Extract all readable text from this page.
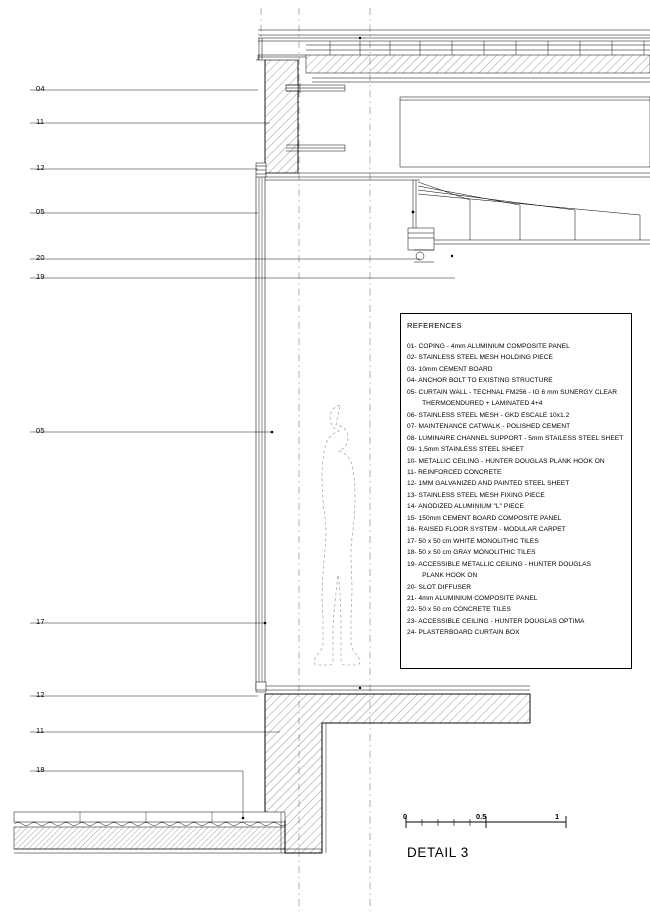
04
11
12
05
20
19
05
17
12
11
18
REFERENCES
01- COPING - 4mm ALUMINIUM COMPOSITE PANEL
02- STAINLESS STEEL MESH HOLDING PIECE
03- 10mm CEMENT BOARD
04- ANCHOR BOLT TO EXISTING STRUCTURE
05- CURTAIN WALL - TECHNAL FM256 - IG 6 mm SUNERGY CLEAR
THERMOENDURED + LAMINATED 4+4
06- STAINLESS STEEL MESH - GKD ESCALE 10x1.2
07- MAINTENANCE CATWALK - POLISHED CEMENT
08- LUMINAIRE CHANNEL SUPPORT - 5mm STAILESS STEEL SHEET
09- 1,5mm STAINLESS STEEL SHEET
10- METALLIC CEILING - HUNTER DOUGLAS PLANK HOOK ON
11- REINFORCED CONCRETE
12- 1MM GALVANIZED AND PAINTED STEEL SHEET
13- STAINLESS STEEL MESH FIXING PIECE
14- ANODIZED ALUMINIUM "L" PIECE
15- 150mm CEMENT BOARD COMPOSITE PANEL
16- RAISED FLOOR SYSTEM - MODULAR CARPET
17- 50 x 50 cm WHITE MONOLITHIC TILES
18- 50 x 50 cm GRAY MONOLITHIC TILES
19- ACCESSIBLE METALLIC CEILING - HUNTER DOUGLAS
PLANK HOOK ON
20- SLOT DIFFUSER
21- 4mm ALUMINIUM COMPOSITE PANEL
22- 50 x 50 cm CONCRETE TILES
23- ACCESSIBLE CEILING - HUNTER DOUGLAS OPTIMA
24- PLASTERBOARD CURTAIN BOX
0	0.5	1
DETAIL 3
